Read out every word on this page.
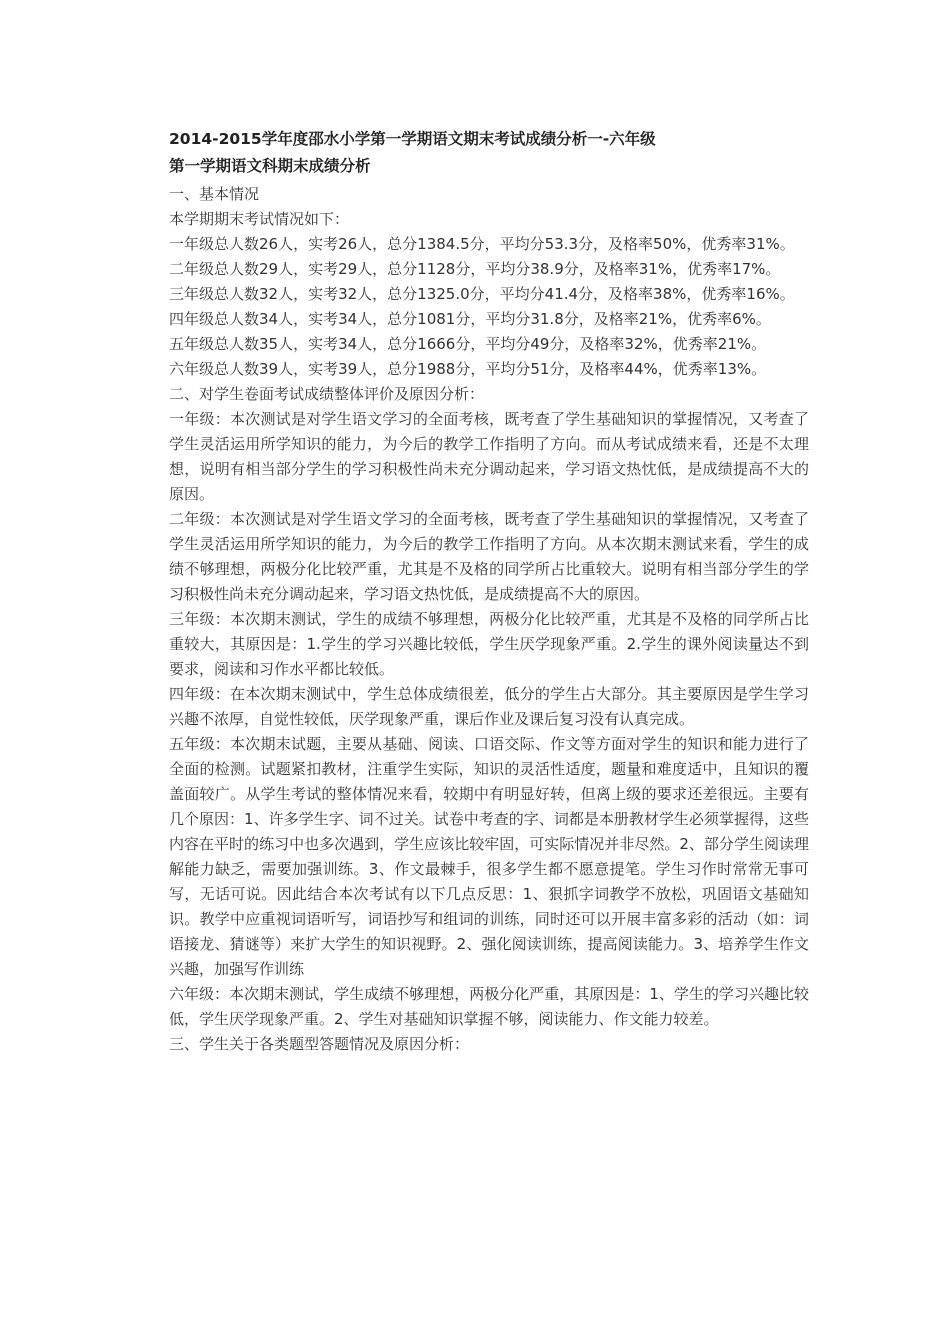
2014-2015学年度邵水小学第一学期语文期末考试成绩分析一-六年级

第一学期语文科期末成绩分析

一、基本情况

本学期期末考试情况如下：

一年级总人数26人，实考26人，总分1384.5分，平均分53.3分，及格率50%，优秀率31%。

二年级总人数29人，实考29人，总分1128分，平均分38.9分，及格率31%，优秀率17%。

三年级总人数32人，实考32人，总分1325.0分，平均分41.4分，及格率38%，优秀率16%。

四年级总人数34人，实考34人，总分1081分，平均分31.8分，及格率21%，优秀率6%。

五年级总人数35人，实考34人，总分1666分，平均分49分，及格率32%，优秀率21%。

六年级总人数39人，实考39人，总分1988分，平均分51分，及格率44%，优秀率13%。

二、对学生卷面考试成绩整体评价及原因分析：

一年级：本次测试是对学生语文学习的全面考核，既考查了学生基础知识的掌握情况，又考查了学生灵活运用所学知识的能力，为今后的教学工作指明了方向。而从考试成绩来看，还是不太理想，说明有相当部分学生的学习积极性尚未充分调动起来，学习语文热忱低，是成绩提高不大的原因。

二年级：本次测试是对学生语文学习的全面考核，既考查了学生基础知识的掌握情况，又考查了学生灵活运用所学知识的能力，为今后的教学工作指明了方向。从本次期末测试来看，学生的成绩不够理想，两极分化比较严重，尤其是不及格的同学所占比重较大。说明有相当部分学生的学习积极性尚未充分调动起来，学习语文热忱低，是成绩提高不大的原因。

三年级：本次期末测试，学生的成绩不够理想，两极分化比较严重，尤其是不及格的同学所占比重较大，其原因是：1.学生的学习兴趣比较低，学生厌学现象严重。2.学生的课外阅读量达不到要求，阅读和习作水平都比较低。

四年级：在本次期末测试中，学生总体成绩很差，低分的学生占大部分。其主要原因是学生学习兴趣不浓厚，自觉性较低，厌学现象严重，课后作业及课后复习没有认真完成。

五年级：本次期末试题，主要从基础、阅读、口语交际、作文等方面对学生的知识和能力进行了全面的检测。试题紧扣教材，注重学生实际，知识的灵活性适度，题量和难度适中，且知识的覆盖面较广。从学生考试的整体情况来看，较期中有明显好转，但离上级的要求还差很远。主要有几个原因：1、许多学生字、词不过关。试卷中考查的字、词都是本册教材学生必须掌握得，这些内容在平时的练习中也多次遇到，学生应该比较牢固，可实际情况并非尽然。2、部分学生阅读理解能力缺乏，需要加强训练。3、作文最棘手，很多学生都不愿意提笔。学生习作时常常无事可写，无话可说。因此结合本次考试有以下几点反思：1、狠抓字词教学不放松，巩固语文基础知识。教学中应重视词语听写，词语抄写和组词的训练，同时还可以开展丰富多彩的活动（如：词语接龙、猜谜等）来扩大学生的知识视野。2、强化阅读训练，提高阅读能力。3、培养学生作文兴趣，加强写作训练

六年级：本次期末测试，学生成绩不够理想，两极分化严重，其原因是：1、学生的学习兴趣比较低，学生厌学现象严重。2、学生对基础知识掌握不够，阅读能力、作文能力较差。

三、学生关于各类题型答题情况及原因分析：
